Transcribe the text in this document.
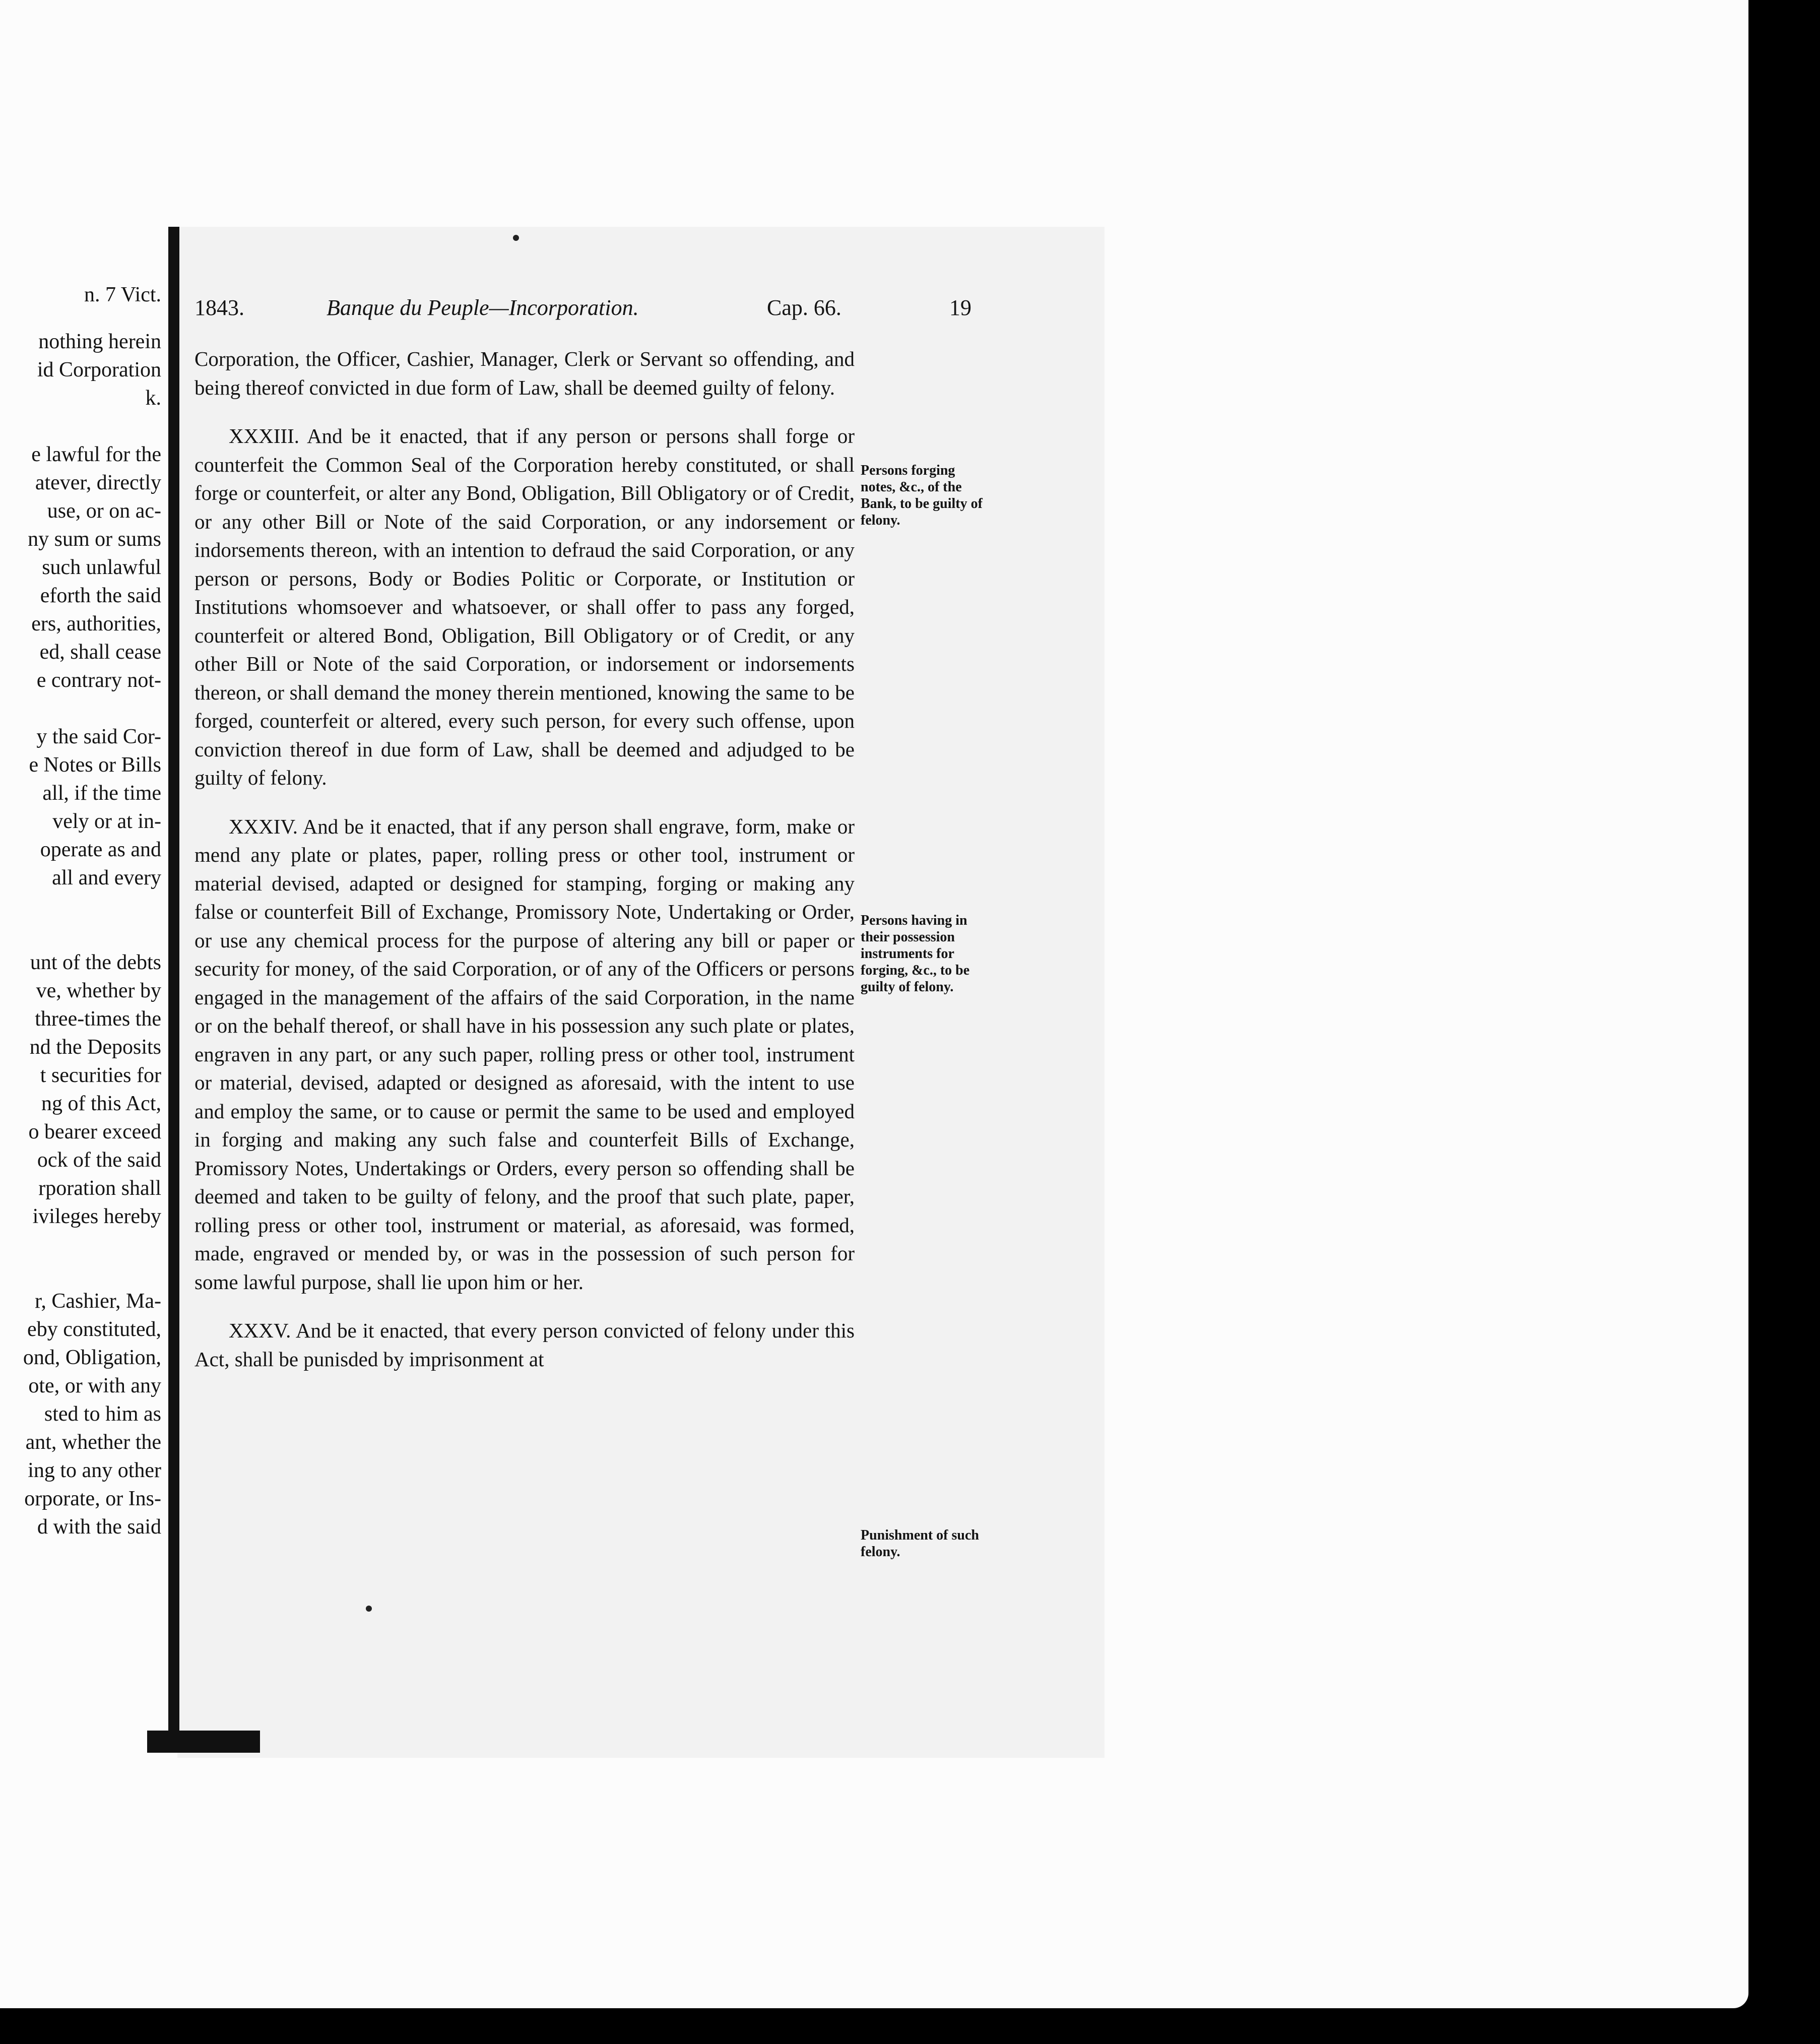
n. 7 Vict.
nothing herein
id Corporation
k.
e lawful for the
atever, directly
use, or on ac-
ny sum or sums
such unlawful
eforth the said
ers, authorities,
ed, shall cease
e contrary not-
y the said Cor-
e Notes or Bills
all, if the time
vely or at in-
operate as and
all and every
unt of the debts
ve, whether by
three-times the
nd the Deposits
t securities for
ng of this Act,
o bearer exceed
ock of the said
rporation shall
ivileges hereby
r, Cashier, Ma-
eby constituted,
ond, Obligation,
ote, or with any
sted to him as
ant, whether the
ing to any other
orporate, or Ins-
d with the said
1843.	Banque du Peuple—Incorporation.	Cap. 66.	19

Corporation, the Officer, Cashier, Manager, Clerk or Servant so offending, and being thereof convicted in due form of Law, shall be deemed guilty of felony.

XXXIII. And be it enacted, that if any person or persons shall forge or counterfeit the Common Seal of the Corporation hereby constituted, or shall forge or counterfeit, or alter any Bond, Obligation, Bill Obligatory or of Credit, or any other Bill or Note of the said Corporation, or any indorsement or indorsements thereon, with an intention to defraud the said Corporation, or any person or persons, Body or Bodies Politic or Corporate, or Institution or Institutions whomsoever and whatsoever, or shall offer to pass any forged, counterfeit or altered Bond, Obligation, Bill Obligatory or of Credit, or any other Bill or Note of the said Corporation, or indorsement or indorsements thereon, or shall demand the money therein mentioned, knowing the same to be forged, counterfeit or altered, every such person, for every such offense, upon conviction thereof in due form of Law, shall be deemed and adjudged to be guilty of felony.

XXXIV. And be it enacted, that if any person shall engrave, form, make or mend any plate or plates, paper, rolling press or other tool, instrument or material devised, adapted or designed for stamping, forging or making any false or counterfeit Bill of Exchange, Promissory Note, Undertaking or Order, or use any chemical process for the purpose of altering any bill or paper or security for money, of the said Corporation, or of any of the Officers or persons engaged in the management of the affairs of the said Corporation, in the name or on the behalf thereof, or shall have in his possession any such plate or plates, engraven in any part, or any such paper, rolling press or other tool, instrument or material, devised, adapted or designed as aforesaid, with the intent to use and employ the same, or to cause or permit the same to be used and employed in forging and making any such false and counterfeit Bills of Exchange, Promissory Notes, Undertakings or Orders, every person so offending shall be deemed and taken to be guilty of felony, and the proof that such plate, paper, rolling press or other tool, instrument or material, as aforesaid, was formed, made, engraved or mended by, or was in the possession of such person for some lawful purpose, shall lie upon him or her.

XXXV. And be it enacted, that every person convicted of felony under this Act, shall be punisded by imprisonment at

Persons forging notes, &c., of the Bank, to be guilty of felony.
Persons having in their possession instruments for forging, &c., to be guilty of felony.
Punishment of such felony.
